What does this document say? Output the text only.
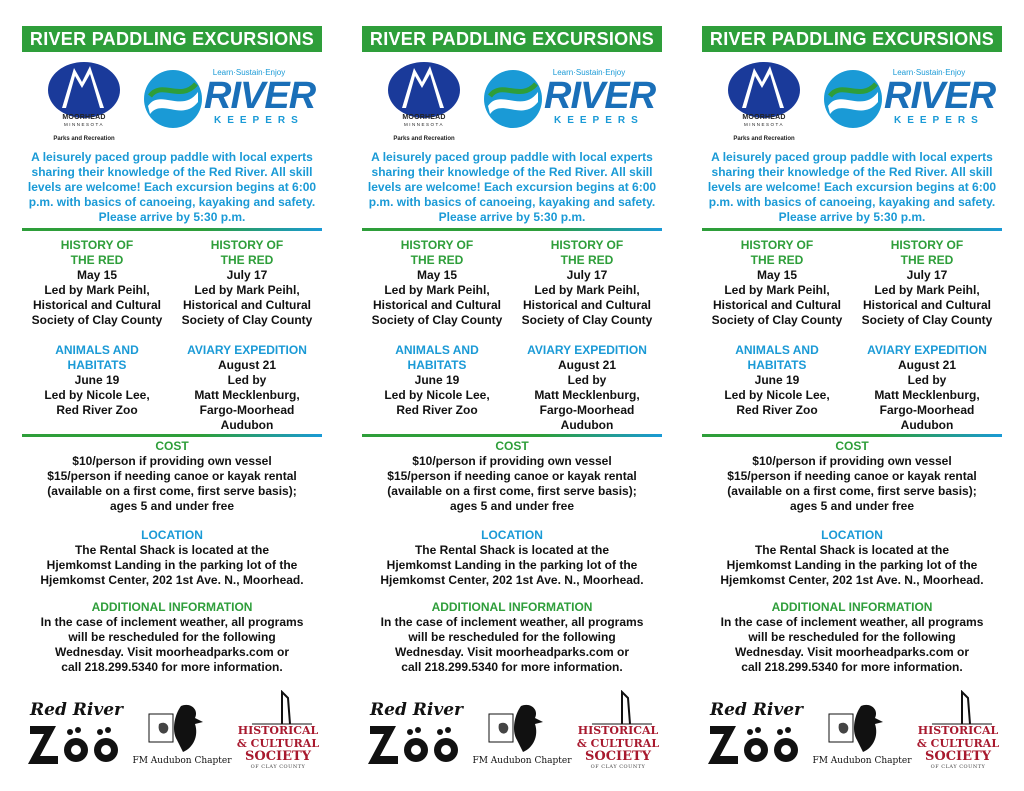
RIVER PADDLING EXCURSIONS
MOORHEAD
MINNESOTA
Parks and Recreation
Learn·Sustain·Enjoy
RIVER
KEEPERS
A leisurely paced group paddle with local experts sharing their knowledge of the Red River. All skill levels are welcome! Each excursion begins at 6:00 p.m. with basics of canoeing, kayaking and safety. Please arrive by 5:30 p.m.
HISTORY OF
THE RED
May 15
Led by Mark Peihl,
Historical and Cultural
Society of Clay County
HISTORY OF
THE RED
July 17
Led by Mark Peihl,
Historical and Cultural
Society of Clay County
ANIMALS AND
HABITATS
June 19
Led by Nicole Lee,
Red River Zoo
AVIARY EXPEDITION
August 21
Led by
Matt Mecklenburg,
Fargo-Moorhead
Audubon
COST
$10/person if providing own vessel
$15/person if needing canoe or kayak rental
(available on a first come, first serve basis);
ages 5 and under free
LOCATION
The Rental Shack is located at the
Hjemkomst Landing in the parking lot of the
Hjemkomst Center, 202 1st Ave. N., Moorhead.
ADDITIONAL INFORMATION
In the case of inclement weather, all programs
will be rescheduled for the following
Wednesday. Visit moorheadparks.com or
call 218.299.5340 for more information.
Red River
FM Audubon Chapter
HISTORICAL
& CULTURAL
SOCIETY
OF CLAY COUNTY
RIVER PADDLING EXCURSIONS
MOORHEAD
MINNESOTA
Parks and Recreation
Learn·Sustain·Enjoy
RIVER
KEEPERS
A leisurely paced group paddle with local experts sharing their knowledge of the Red River. All skill levels are welcome! Each excursion begins at 6:00 p.m. with basics of canoeing, kayaking and safety. Please arrive by 5:30 p.m.
HISTORY OF
THE RED
May 15
Led by Mark Peihl,
Historical and Cultural
Society of Clay County
HISTORY OF
THE RED
July 17
Led by Mark Peihl,
Historical and Cultural
Society of Clay County
ANIMALS AND
HABITATS
June 19
Led by Nicole Lee,
Red River Zoo
AVIARY EXPEDITION
August 21
Led by
Matt Mecklenburg,
Fargo-Moorhead
Audubon
COST
$10/person if providing own vessel
$15/person if needing canoe or kayak rental
(available on a first come, first serve basis);
ages 5 and under free
LOCATION
The Rental Shack is located at the
Hjemkomst Landing in the parking lot of the
Hjemkomst Center, 202 1st Ave. N., Moorhead.
ADDITIONAL INFORMATION
In the case of inclement weather, all programs
will be rescheduled for the following
Wednesday. Visit moorheadparks.com or
call 218.299.5340 for more information.
Red River
FM Audubon Chapter
HISTORICAL
& CULTURAL
SOCIETY
OF CLAY COUNTY
RIVER PADDLING EXCURSIONS
MOORHEAD
MINNESOTA
Parks and Recreation
Learn·Sustain·Enjoy
RIVER
KEEPERS
A leisurely paced group paddle with local experts sharing their knowledge of the Red River. All skill levels are welcome! Each excursion begins at 6:00 p.m. with basics of canoeing, kayaking and safety. Please arrive by 5:30 p.m.
HISTORY OF
THE RED
May 15
Led by Mark Peihl,
Historical and Cultural
Society of Clay County
HISTORY OF
THE RED
July 17
Led by Mark Peihl,
Historical and Cultural
Society of Clay County
ANIMALS AND
HABITATS
June 19
Led by Nicole Lee,
Red River Zoo
AVIARY EXPEDITION
August 21
Led by
Matt Mecklenburg,
Fargo-Moorhead
Audubon
COST
$10/person if providing own vessel
$15/person if needing canoe or kayak rental
(available on a first come, first serve basis);
ages 5 and under free
LOCATION
The Rental Shack is located at the
Hjemkomst Landing in the parking lot of the
Hjemkomst Center, 202 1st Ave. N., Moorhead.
ADDITIONAL INFORMATION
In the case of inclement weather, all programs
will be rescheduled for the following
Wednesday. Visit moorheadparks.com or
call 218.299.5340 for more information.
Red River
FM Audubon Chapter
HISTORICAL
& CULTURAL
SOCIETY
OF CLAY COUNTY
